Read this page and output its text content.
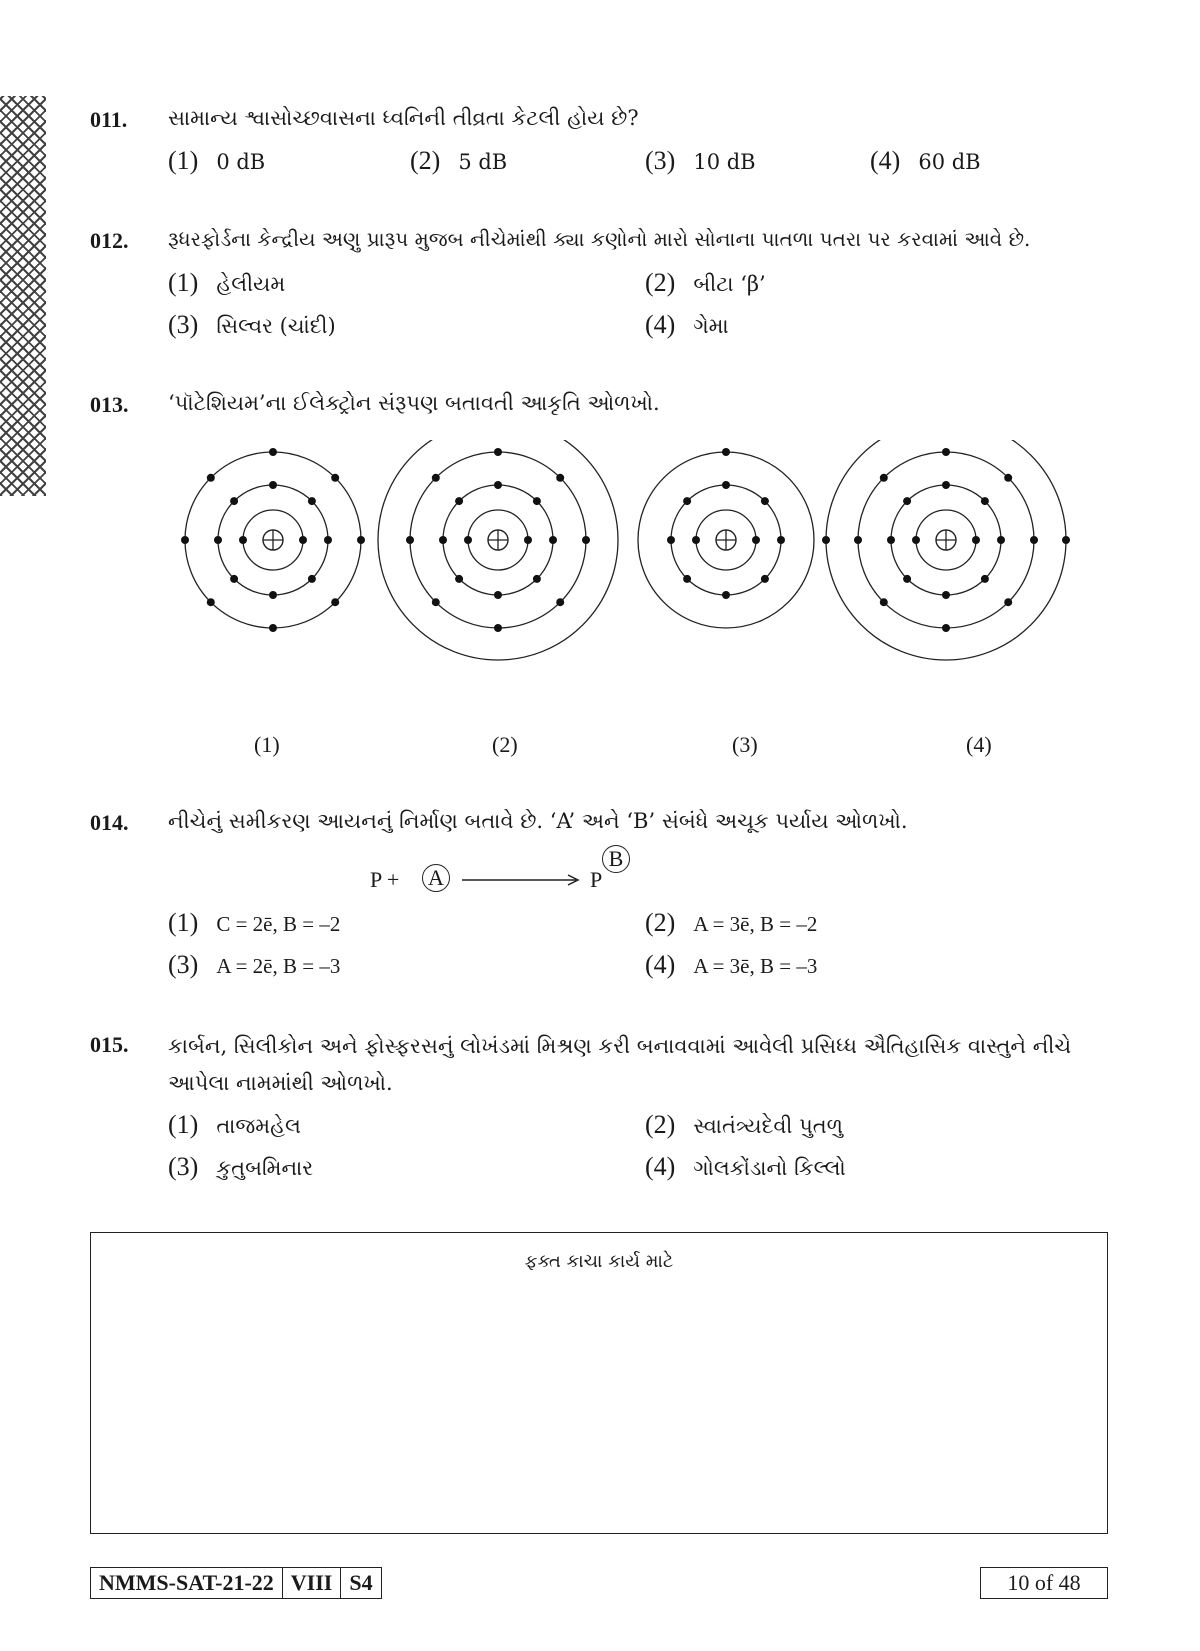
011. સામાન્ય શ્વાસોચ્છવાસના ધ્વનિની તીવ્રતા કેટલી હોય છે?
(1) 0 dB	(2) 5 dB	(3) 10 dB	(4) 60 dB
012. રૂધરફોર્ડના કેન્દ્રીય અણુ પ્રારૂપ મુજબ નીચેમાંથી ક્યા કણોનો મારો સોનાના પાતળા પતરા પર કરવામાં આવે છે.
(1) હેલીયમ	(2) બીટા ‘β’
(3) સિલ્વર (ચાંદી)	(4) ગેમા
013. ‘પૉટેશિયમ’ના ઈલેક્ટ્રોન સંરૂપણ બતાવતી આકૃતિ ઓળખો.
(1)	(2)	(3)	(4)
014. નીચેનું સમીકરણ આયનનું નિર્માણ બતાવે છે. ‘A’ અને ‘B’ સંબંધે અચૂક પર્યાય ઓળખો.
P + A	P
B
(1) C = 2ē, B = –2	(2) A = 3ē, B = –2
(3) A = 2ē, B = –3	(4) A = 3ē, B = –3
015. કાર્બન, સિલીકોન અને ફોસ્ફરસનું લોખંડમાં મિશ્રણ કરી બનાવવામાં આવેલી પ્રસિધ્ધ ઐતિહાસિક વાસ્તુને નીચે આપેલા નામમાંથી ઓળખો.
(1) તાજમહેલ	(2) સ્વાતંત્ર્યદેવી પુતળુ
(3) કુતુબમિનાર	(4) ગોલકોંડાનો કિલ્લો
ફક્ત કાચા કાર્ય માટે
NMMS-SAT-21-22 VIII S4	10 of 48
